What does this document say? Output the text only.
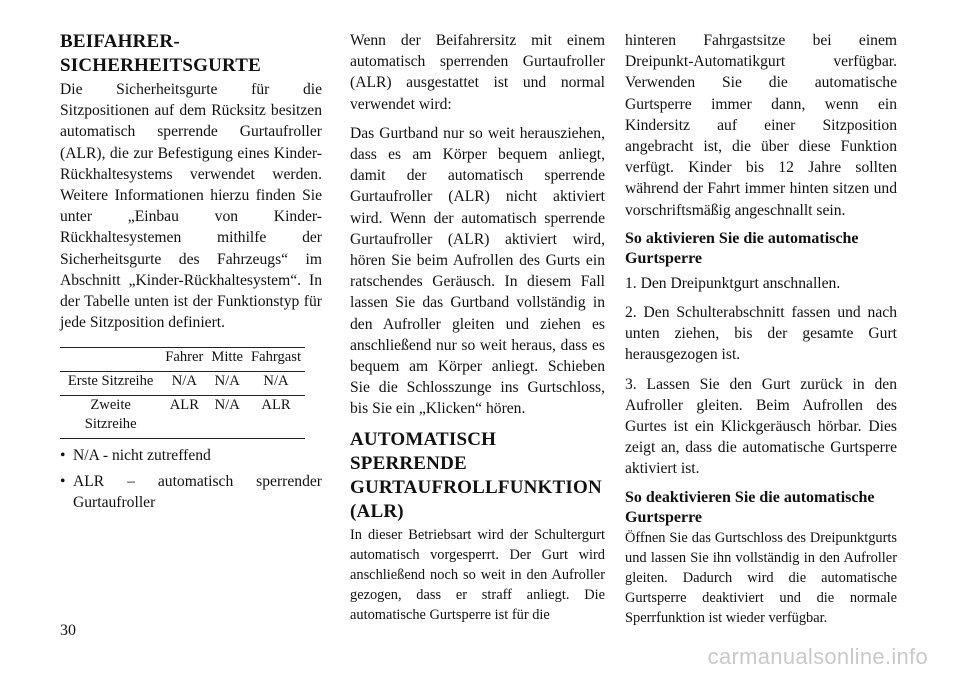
BEIFAHRER-SICHERHEITSGURTE

Die Sicherheitsgurte für die Sitzpositionen auf dem Rücksitz besitzen automatisch sperrende Gurtaufroller (ALR), die zur Befestigung eines Kinder-Rückhaltesystems verwendet werden. Weitere Informationen hierzu finden Sie unter „Einbau von Kinder-Rückhaltesystemen mithilfe der Sicherheitsgurte des Fahrzeugs“ im Abschnitt „Kinder-Rückhaltesystem“. In der Tabelle unten ist der Funktionstyp für jede Sitzposition definiert.

	Fahrer	Mitte	Fahrgast
Erste Sitzreihe	N/A	N/A	N/A
Zweite Sitzreihe	ALR	N/A	ALR
• N/A - nicht zutreffend
• ALR – automatisch sperrender Gurtaufroller

Wenn der Beifahrersitz mit einem automatisch sperrenden Gurtaufroller (ALR) ausgestattet ist und normal verwendet wird:

Das Gurtband nur so weit herausziehen, dass es am Körper bequem anliegt, damit der automatisch sperrende Gurtaufroller (ALR) nicht aktiviert wird. Wenn der automatisch sperrende Gurtaufroller (ALR) aktiviert wird, hören Sie beim Aufrollen des Gurts ein ratschendes Geräusch. In diesem Fall lassen Sie das Gurtband vollständig in den Aufroller gleiten und ziehen es anschließend nur so weit heraus, dass es bequem am Körper anliegt. Schieben Sie die Schlosszunge ins Gurtschloss, bis Sie ein „Klicken“ hören.

AUTOMATISCH SPERRENDE GURTAUFROLLFUNKTION (ALR)

In dieser Betriebsart wird der Schultergurt automatisch vorgesperrt. Der Gurt wird anschließend noch so weit in den Aufroller gezogen, dass er straff anliegt. Die automatische Gurtsperre ist für die

hinteren Fahrgastsitze bei einem Dreipunkt-Automatikgurt verfügbar. Verwenden Sie die automatische Gurtsperre immer dann, wenn ein Kindersitz auf einer Sitzposition angebracht ist, die über diese Funktion verfügt. Kinder bis 12 Jahre sollten während der Fahrt immer hinten sitzen und vorschriftsmäßig angeschnallt sein.

So aktivieren Sie die automatische Gurtsperre

1. Den Dreipunktgurt anschnallen.

2. Den Schulterabschnitt fassen und nach unten ziehen, bis der gesamte Gurt herausgezogen ist.

3. Lassen Sie den Gurt zurück in den Aufroller gleiten. Beim Aufrollen des Gurtes ist ein Klickgeräusch hörbar. Dies zeigt an, dass die automatische Gurtsperre aktiviert ist.

So deaktivieren Sie die automatische Gurtsperre

Öffnen Sie das Gurtschloss des Dreipunktgurts und lassen Sie ihn vollständig in den Aufroller gleiten. Dadurch wird die automatische Gurtsperre deaktiviert und die normale Sperrfunktion ist wieder verfügbar.

30
carmanualsonline.info
